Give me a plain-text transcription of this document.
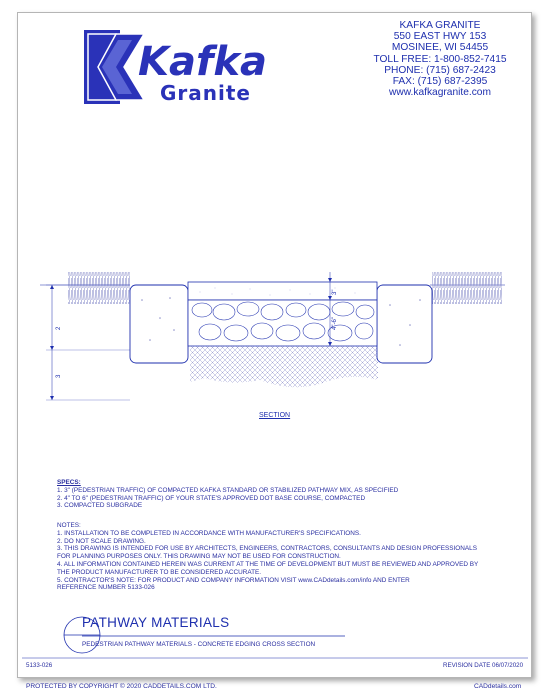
Kafka
Granite
KAFKA GRANITE
550 EAST HWY 153
MOSINEE, WI 54455
TOLL FREE: 1-800-852-7415
PHONE: (715) 687-2423
FAX: (715) 687-2395
www.kafkagranite.com
3"
4"-6"
2
3
SECTION
SPECS:
1. 3" (PEDESTRIAN TRAFFIC) OF COMPACTED KAFKA STANDARD OR STABILIZED PATHWAY MIX, AS SPECIFIED
2. 4" TO 6" (PEDESTRIAN TRAFFIC) OF YOUR STATE'S APPROVED DOT BASE COURSE, COMPACTED
3. COMPACTED SUBGRADE
NOTES:
1. INSTALLATION TO BE COMPLETED IN ACCORDANCE WITH MANUFACTURER'S SPECIFICATIONS.
2. DO NOT SCALE DRAWING.
3. THIS DRAWING IS INTENDED FOR USE BY ARCHITECTS, ENGINEERS, CONTRACTORS, CONSULTANTS AND DESIGN PROFESSIONALS
FOR PLANNING PURPOSES ONLY. THIS DRAWING MAY NOT BE USED FOR CONSTRUCTION.
4. ALL INFORMATION CONTAINED HEREIN WAS CURRENT AT THE TIME OF DEVELOPMENT BUT MUST BE REVIEWED AND APPROVED BY
THE PRODUCT MANUFACTURER TO BE CONSIDERED ACCURATE.
5. CONTRACTOR'S NOTE: FOR PRODUCT AND COMPANY INFORMATION VISIT www.CADdetails.com/info AND ENTER
REFERENCE NUMBER 5133-026
PATHWAY MATERIALS
PEDESTRIAN PATHWAY MATERIALS - CONCRETE EDGING CROSS SECTION
5133-026	REVISION DATE 06/07/2020
PROTECTED BY COPYRIGHT © 2020 CADDETAILS.COM LTD.	CADdetails.com
